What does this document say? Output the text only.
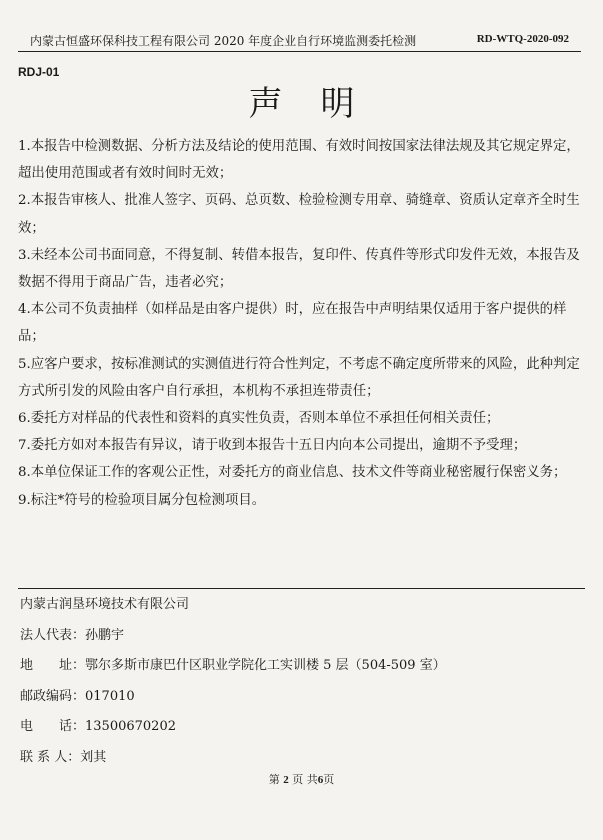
内蒙古恒盛环保科技工程有限公司 2020 年度企业自行环境监测委托检测	RD-WTQ-2020-092
RDJ-01
声明

1.本报告中检测数据、分析方法及结论的使用范围、有效时间按国家法律法规及其它规定界定，超出使用范围或者有效时间时无效；

2.本报告审核人、批准人签字、页码、总页数、检验检测专用章、骑缝章、资质认定章齐全时生效；

3.未经本公司书面同意，不得复制、转借本报告，复印件、传真件等形式印发件无效，本报告及数据不得用于商品广告，违者必究；

4.本公司不负责抽样（如样品是由客户提供）时，应在报告中声明结果仅适用于客户提供的样品；

5.应客户要求，按标准测试的实测值进行符合性判定，不考虑不确定度所带来的风险，此种判定方式所引发的风险由客户自行承担，本机构不承担连带责任；

6.委托方对样品的代表性和资料的真实性负责，否则本单位不承担任何相关责任；

7.委托方如对本报告有异议，请于收到本报告十五日内向本公司提出，逾期不予受理；

8.本单位保证工作的客观公正性，对委托方的商业信息、技术文件等商业秘密履行保密义务；

9.标注*符号的检验项目属分包检测项目。

内蒙古润垦环境技术有限公司
法人代表：孙鹏宇
地　　址：鄂尔多斯市康巴什区职业学院化工实训楼 5 层（504-509 室）
邮政编码：017010
电　　话：13500670202
联 系 人：刘其
第 2 页 共6页
